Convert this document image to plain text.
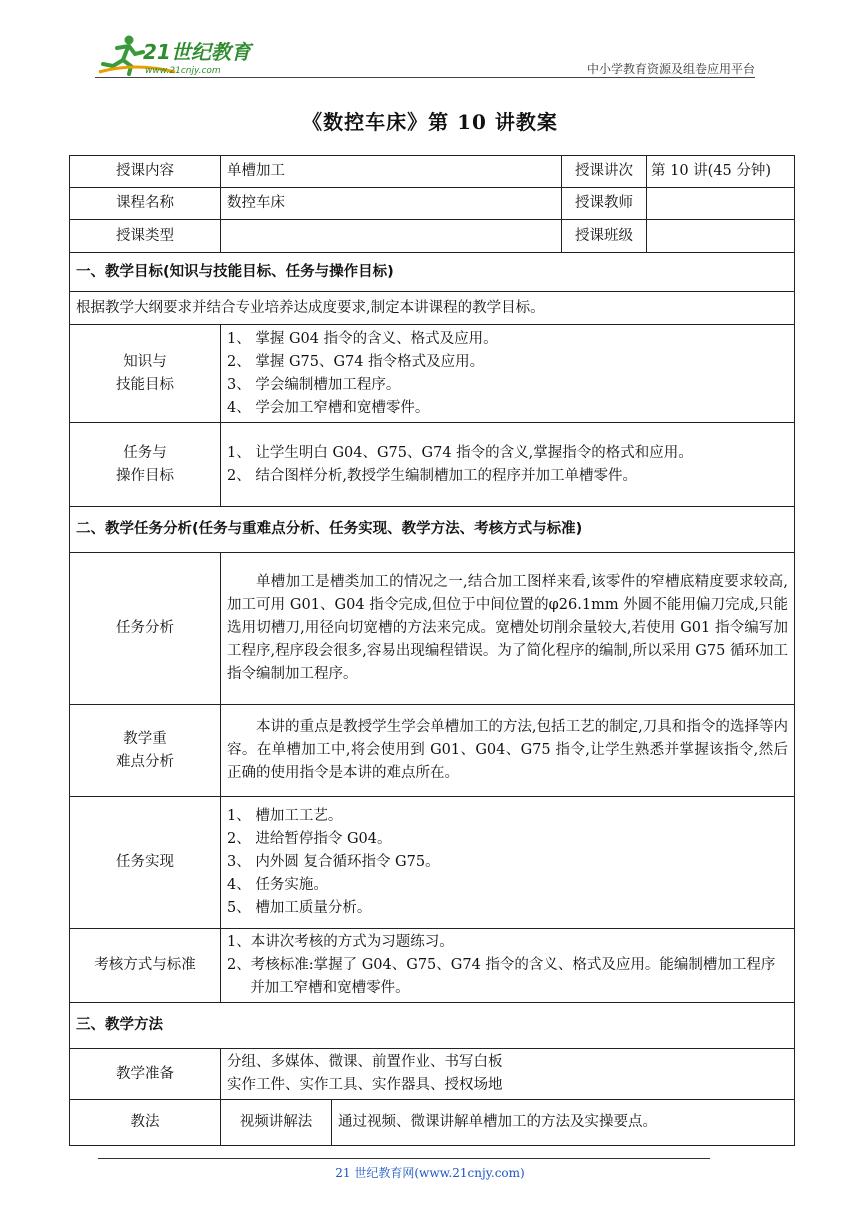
21世纪教育
www.21cnjy.com	中小学教育资源及组卷应用平台
《数控车床》第 10 讲教案
授课内容	单槽加工		授课讲次	第 10 讲(45 分钟)
课程名称	数控车床		授课教师	
授课类型			授课班级	
一、教学目标(知识与技能目标、任务与操作目标)				
根据教学大纲要求并结合专业培养达成度要求,制定本讲课程的教学目标。				

知识与
技能目标	1、 掌握 G04 指令的含义、格式及应用。
2、 掌握 G75、G74 指令格式及应用。
3、 学会编制槽加工程序。
4、 学会加工窄槽和宽槽零件。			

任务与
操作目标	1、 让学生明白 G04、G75、G74 指令的含义,掌握指令的格式和应用。
2、 结合图样分析,教授学生编制槽加工的程序并加工单槽零件。			

二、教学任务分析(任务与重难点分析、任务实现、教学方法、考核方式与标准)				
任务分析	单槽加工是槽类加工的情况之一,结合加工图样来看,该零件的窄槽底精度要求较高,加工可用 G01、G04 指令完成,但位于中间位置的φ26.1mm 外圆不能用偏刀完成,只能选用切槽刀,用径向切宽槽的方法来完成。宽槽处切削余量较大,若使用 G01 指令编写加工程序,程序段会很多,容易出现编程错误。为了简化程序的编制,所以采用 G75 循环加工指令编制加工程序。			

教学重
难点分析	本讲的重点是教授学生学会单槽加工的方法,包括工艺的制定,刀具和指令的选择等内容。在单槽加工中,将会使用到 G01、G04、G75 指令,让学生熟悉并掌握该指令,然后正确的使用指令是本讲的难点所在。			
任务实现	1、 槽加工工艺。
2、 进给暂停指令 G04。
3、 内外圆 复合循环指令 G75。
4、 任务实施。
5、 槽加工质量分析。			

考核方式与标准	1、本讲次考核的方式为习题练习。
2、考核标准:掌握了 G04、G75、G74 指令的含义、格式及应用。能编制槽加工程序并加工窄槽和宽槽零件。			

三、教学方法				
教学准备	分组、多媒体、微课、前置作业、书写白板
实作工件、实作工具、实作器具、授权场地			

教法	视频讲解法	通过视频、微课讲解单槽加工的方法及实操要点。		
21 世纪教育网(www.21cnjy.com)
